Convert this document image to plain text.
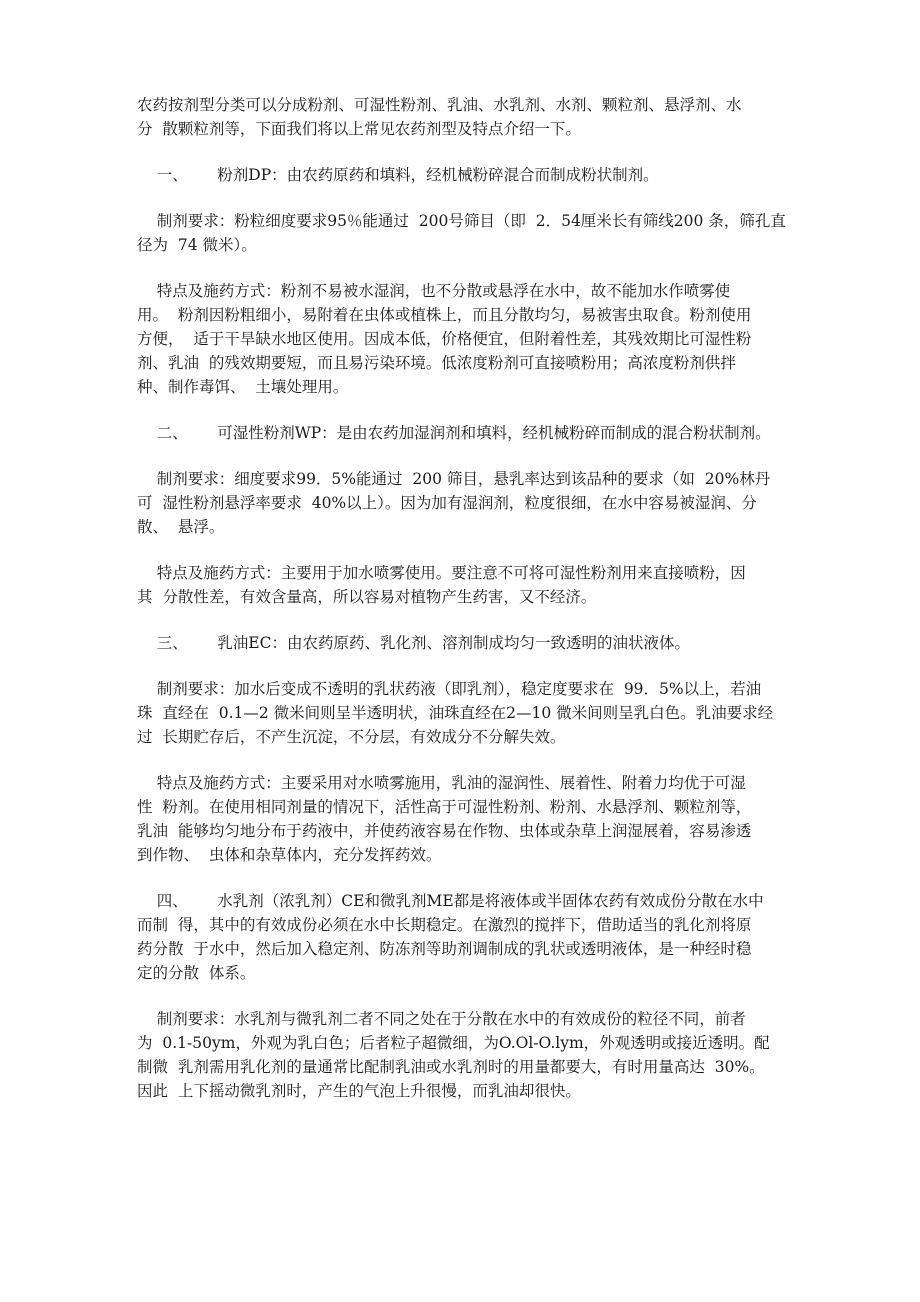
农药按剂型分类可以分成粉剂、可湿性粉剂、乳油、水乳剂、水剂、颗粒剂、悬浮剂、水
分  散颗粒剂等，下面我们将以上常见农药剂型及特点介绍一下。
一、      粉剂DP：由农药原药和填料，经机械粉碎混合而制成粉状制剂。
制剂要求：粉粒细度要求95％能通过  200号筛目（即  2．54厘米长有筛线200 条，筛孔直
径为  74 微米）。
特点及施药方式：粉剂不易被水湿润，也不分散或悬浮在水中，故不能加水作喷雾使
用。  粉剂因粉粗细小，易附着在虫体或植株上，而且分散均匀，易被害虫取食。粉剂使用
方便，  适于干旱缺水地区使用。因成本低，价格便宜，但附着性差，其残效期比可湿性粉
剂、乳油  的残效期要短，而且易污染环境。低浓度粉剂可直接喷粉用；高浓度粉剂供拌
种、制作毒饵、  土壤处理用。
二、      可湿性粉剂WP：是由农药加湿润剂和填料，经机械粉碎而制成的混合粉状制剂。
制剂要求：细度要求99．5%能通过  200 筛目，悬乳率达到该品种的要求（如  20%林丹
可  湿性粉剂悬浮率要求  40%以上）。因为加有湿润剂，粒度很细，在水中容易被湿润、分
散、  悬浮。
特点及施药方式：主要用于加水喷雾使用。要注意不可将可湿性粉剂用来直接喷粉，因
其  分散性差，有效含量高，所以容易对植物产生药害，又不经济。
三、      乳油EC：由农药原药、乳化剂、溶剂制成均匀一致透明的油状液体。
制剂要求：加水后变成不透明的乳状药液（即乳剂），稳定度要求在  99．5%以上，若油
珠  直经在  0.1—2 微米间则呈半透明状，油珠直经在2—10 微米间则呈乳白色。乳油要求经
过  长期贮存后，不产生沉淀，不分层，有效成分不分解失效。
特点及施药方式：主要采用对水喷雾施用，乳油的湿润性、展着性、附着力均优于可湿
性  粉剂。在使用相同剂量的情况下，活性高于可湿性粉剂、粉剂、水悬浮剂、颗粒剂等，
乳油  能够均匀地分布于药液中，并使药液容易在作物、虫体或杂草上润湿展着，容易渗透
到作物、  虫体和杂草体内，充分发挥药效。
四、      水乳剂（浓乳剂）CE和微乳剂ME都是将液体或半固体农药有效成份分散在水中
而制  得，其中的有效成份必须在水中长期稳定。在激烈的搅拌下，借助适当的乳化剂将原
药分散  于水中，然后加入稳定剂、防冻剂等助剂调制成的乳状或透明液体，是一种经时稳
定的分散  体系。
制剂要求：水乳剂与微乳剂二者不同之处在于分散在水中的有效成份的粒径不同，前者
为  0.1-50ym，外观为乳白色；后者粒子超微细，为O.Ol-O.lym，外观透明或接近透明。配
制微  乳剂需用乳化剂的量通常比配制乳油或水乳剂时的用量都要大，有时用量高达  30%。
因此  上下摇动微乳剂时，产生的气泡上升很慢，而乳油却很快。
